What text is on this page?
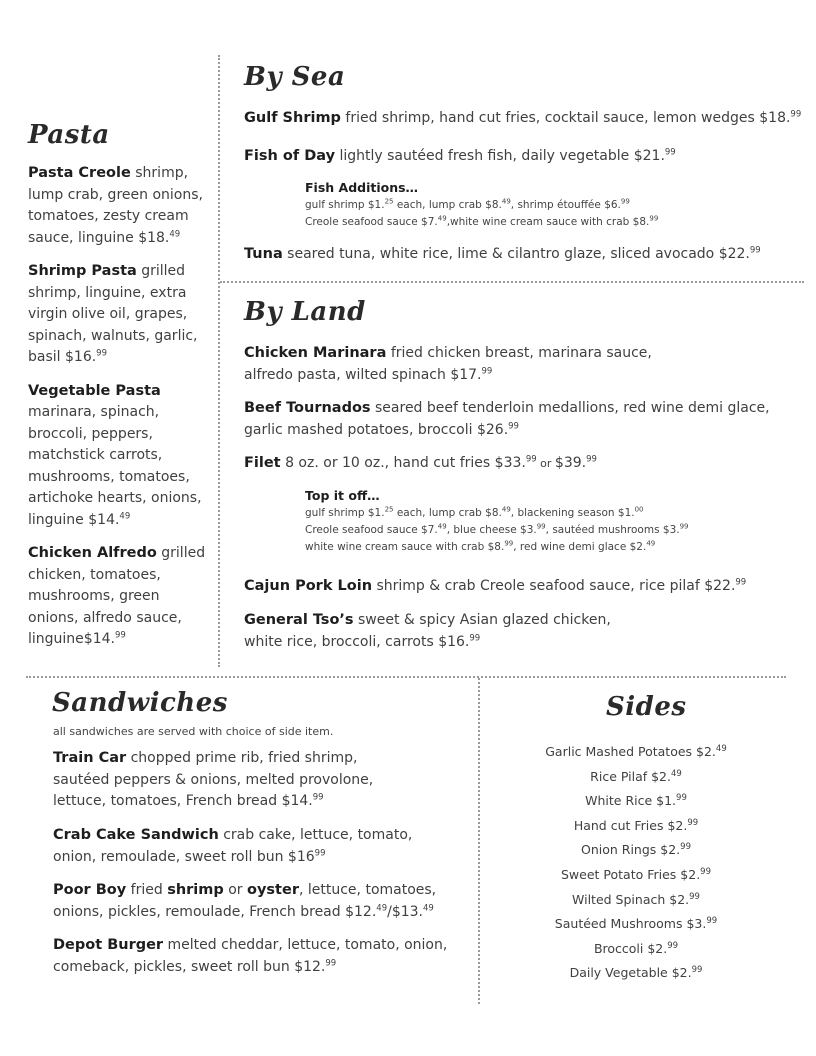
Pasta
Pasta Creole shrimp, lump crab, green onions, tomatoes, zesty cream sauce, linguine $18.49
Shrimp Pasta grilled shrimp, linguine, extra virgin olive oil, grapes, spinach, walnuts, garlic, basil $16.99
Vegetable Pasta marinara, spinach, broccoli, peppers, matchstick carrots, mushrooms, tomatoes, artichoke hearts, onions, linguine $14.49
Chicken Alfredo grilled chicken, tomatoes, mushrooms, green onions, alfredo sauce, linguine$14.99
By Sea
Gulf Shrimp fried shrimp, hand cut fries, cocktail sauce, lemon wedges $18.99
Fish of Day lightly sautéed fresh fish, daily vegetable $21.99
Fish Additions…
gulf shrimp $1.25 each, lump crab $8.49, shrimp étouffée $6.99
Creole seafood sauce $7.49,white wine cream sauce with crab $8.99
Tuna seared tuna, white rice, lime & cilantro glaze, sliced avocado $22.99
By Land
Chicken Marinara fried chicken breast, marinara sauce,
alfredo pasta, wilted spinach $17.99
Beef Tournados seared beef tenderloin medallions, red wine demi glace,
garlic mashed potatoes, broccoli $26.99
Filet 8 oz. or 10 oz., hand cut fries $33.99 or $39.99
Top it off…
gulf shrimp $1.25 each, lump crab $8.49, blackening season $1.00
Creole seafood sauce $7.49, blue cheese $3.99, sautéed mushrooms $3.99
white wine cream sauce with crab $8.99, red wine demi glace $2.49
Cajun Pork Loin shrimp & crab Creole seafood sauce, rice pilaf $22.99
General Tso’s sweet & spicy Asian glazed chicken,
white rice, broccoli, carrots $16.99
Sandwiches
all sandwiches are served with choice of side item.
Train Car chopped prime rib, fried shrimp,
sautéed peppers & onions, melted provolone,
lettuce, tomatoes, French bread $14.99
Crab Cake Sandwich crab cake, lettuce, tomato,
onion, remoulade, sweet roll bun $\$16^{99}$
Poor Boy fried shrimp or oyster, lettuce, tomatoes,
onions, pickles, remoulade, French bread $12.49/$13.49
Depot Burger melted cheddar, lettuce, tomato, onion,
comeback, pickles, sweet roll bun $12.99
Sides
Garlic Mashed Potatoes $2.49
Rice Pilaf $2.49
White Rice $1.99
Hand cut Fries $2.99
Onion Rings $2.99
Sweet Potato Fries $2.99
Wilted Spinach $2.99
Sautéed Mushrooms $3.99
Broccoli $2.99
Daily Vegetable $2.99
